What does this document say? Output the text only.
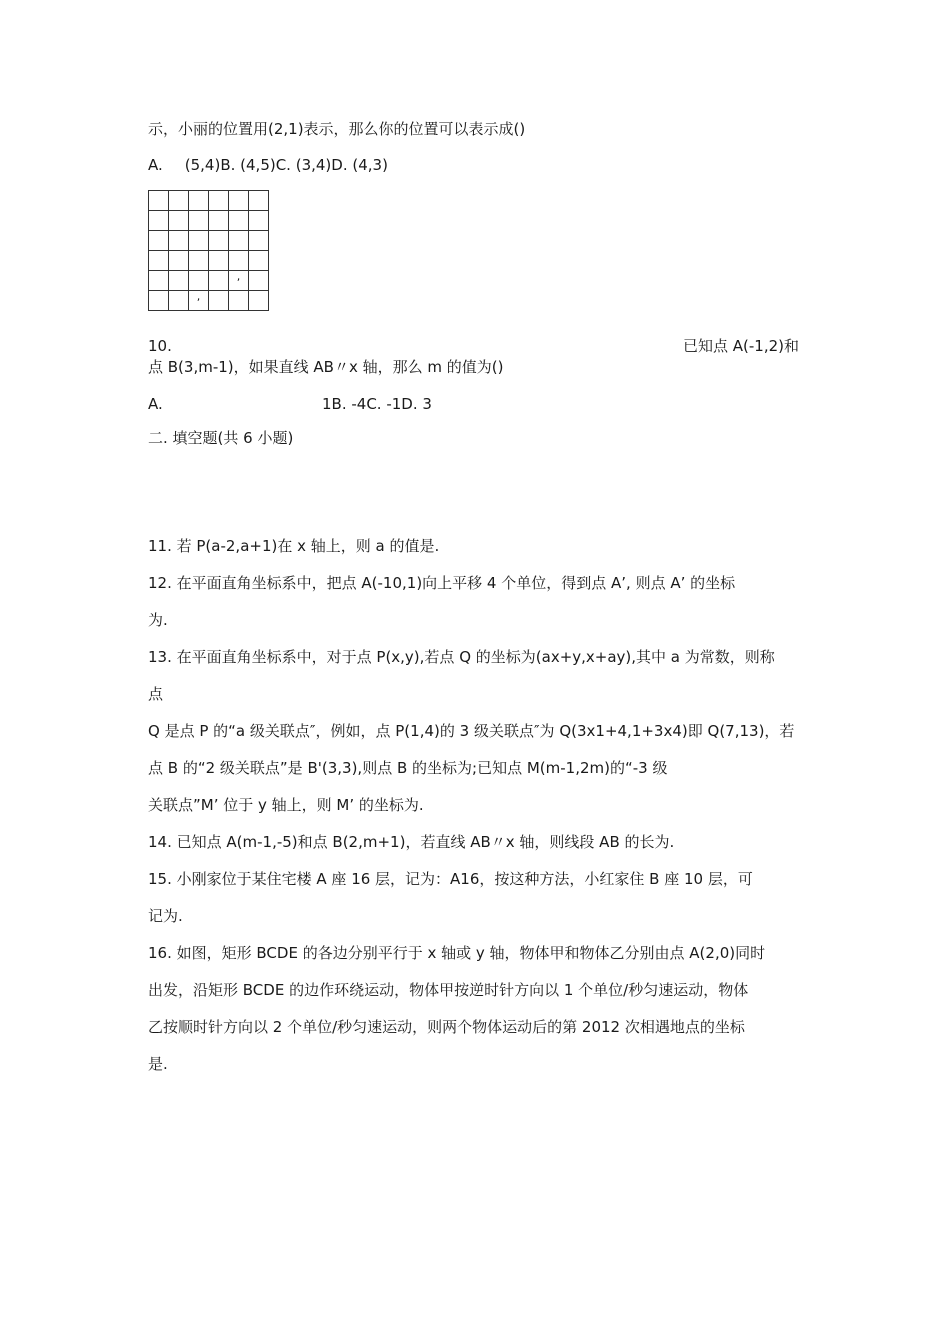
示，小丽的位置用(2,1)表示，那么你的位置可以表示成()
A. (5,4)B. (4,5)C. (3,4)D. (4,3)

				,	
		,			
10.	已知点 A(-1,2)和
点 B(3,m-1)，如果直线 AB〃x 轴，那么 m 的值为()
A.	1B. -4C. -1D. 3
二. 填空题(共 6 小题)
11. 若 P(a-2,a+1)在 x 轴上，则 a 的值是.
12. 在平面直角坐标系中，把点 A(-10,1)向上平移 4 个单位，得到点 A’, 则点 A’ 的坐标
为.
13. 在平面直角坐标系中，对于点 P(x,y),若点 Q 的坐标为(ax+y,x+ay),其中 a 为常数，则称
点
Q 是点 P 的“a 级关联点″，例如，点 P(1,4)的 3 级关联点″为 Q(3x1+4,1+3x4)即 Q(7,13)，若
点 B 的“2 级关联点”是 B'(3,3),则点 B 的坐标为;已知点 M(m-1,2m)的“-3 级
关联点”M’ 位于 y 轴上，则 M’ 的坐标为.
14. 已知点 A(m-1,-5)和点 B(2,m+1)，若直线 AB〃x 轴，则线段 AB 的长为.
15. 小刚家位于某住宅楼 A 座 16 层，记为：A16，按这种方法，小红家住 B 座 10 层，可
记为.
16. 如图，矩形 BCDE 的各边分别平行于 x 轴或 y 轴，物体甲和物体乙分别由点 A(2,0)同时
出发，沿矩形 BCDE 的边作环绕运动，物体甲按逆时针方向以 1 个单位/秒匀速运动，物体
乙按顺时针方向以 2 个单位/秒匀速运动，则两个物体运动后的第 2012 次相遇地点的坐标
是.
